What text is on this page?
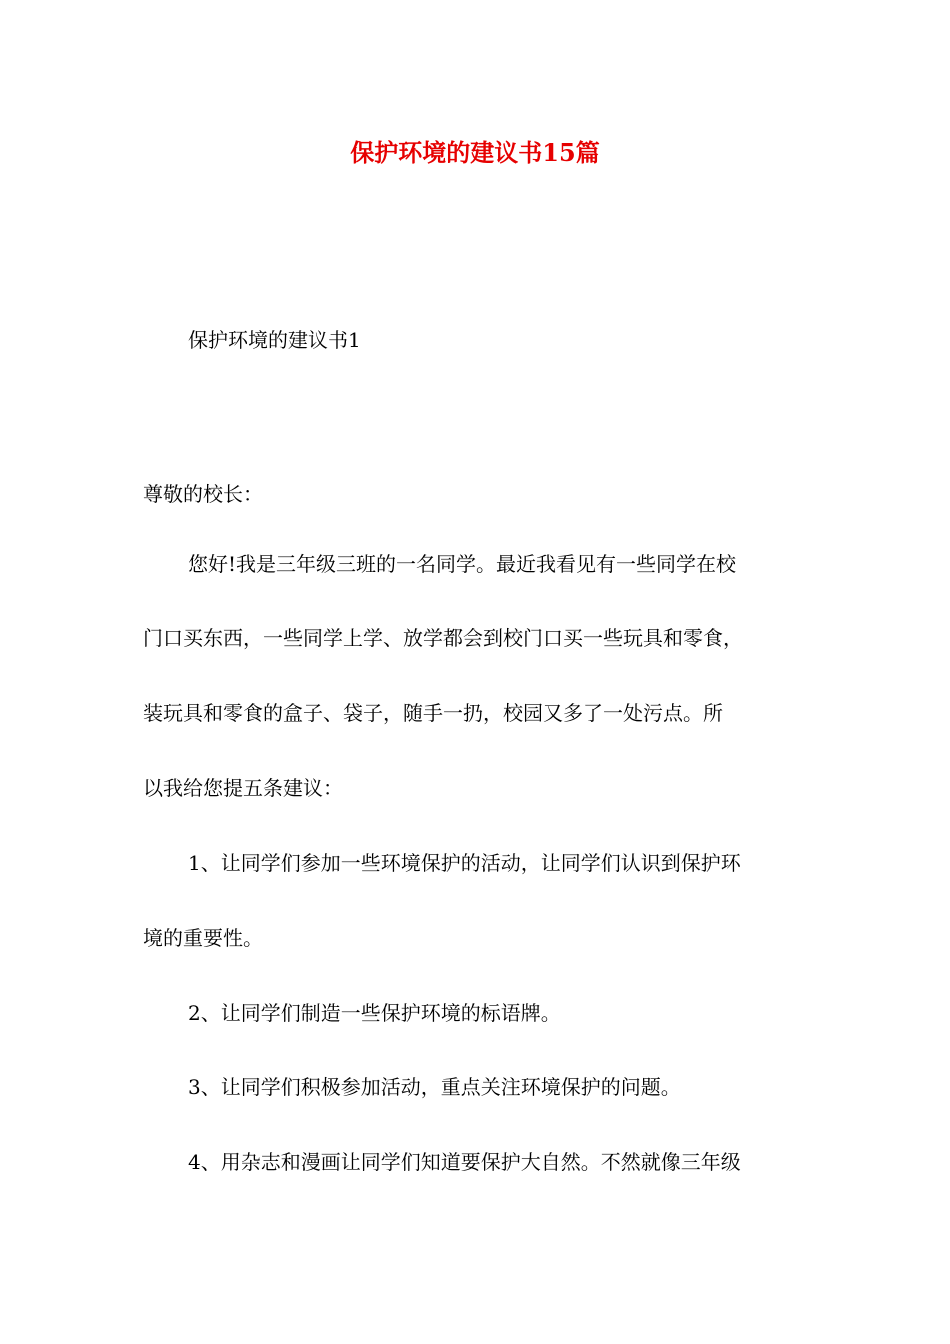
保护环境的建议书15篇
保护环境的建议书1
尊敬的校长：
您好!我是三年级三班的一名同学。最近我看见有一些同学在校
门口买东西，一些同学上学、放学都会到校门口买一些玩具和零食，
装玩具和零食的盒子、袋子，随手一扔，校园又多了一处污点。所
以我给您提五条建议：
1、让同学们参加一些环境保护的活动，让同学们认识到保护环
境的重要性。
2、让同学们制造一些保护环境的标语牌。
3、让同学们积极参加活动，重点关注环境保护的问题。
4、用杂志和漫画让同学们知道要保护大自然。不然就像三年级
